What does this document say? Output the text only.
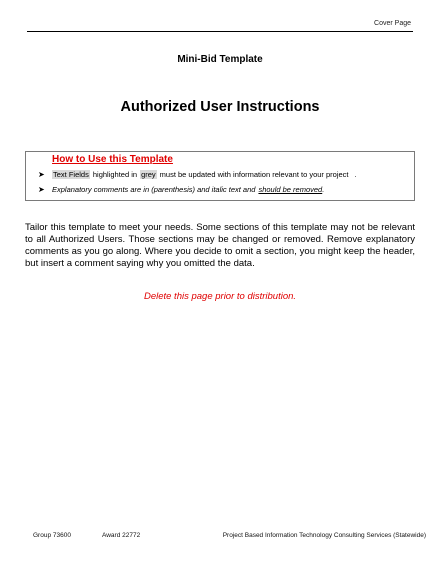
Cover Page
Mini-Bid Template
Authorized User Instructions
How to Use this Template
➤	Text Fields highlighted in grey must be updated with information relevant to your project .
➤ Explanatory comments are in (parenthesis) and italic text and should be removed .
Tailor this template to meet your needs. Some sections of this template may not be relevant to all Authorized Users. Those sections may be changed or removed. Remove explanatory comments as you go along. Where you decide to omit a section, you might keep the header, but insert a comment saying why you omitted the data.
Delete this page prior to distribution.
Group 73600	Award 22772	Project Based Information Technology Consulting Services (Statewide)
